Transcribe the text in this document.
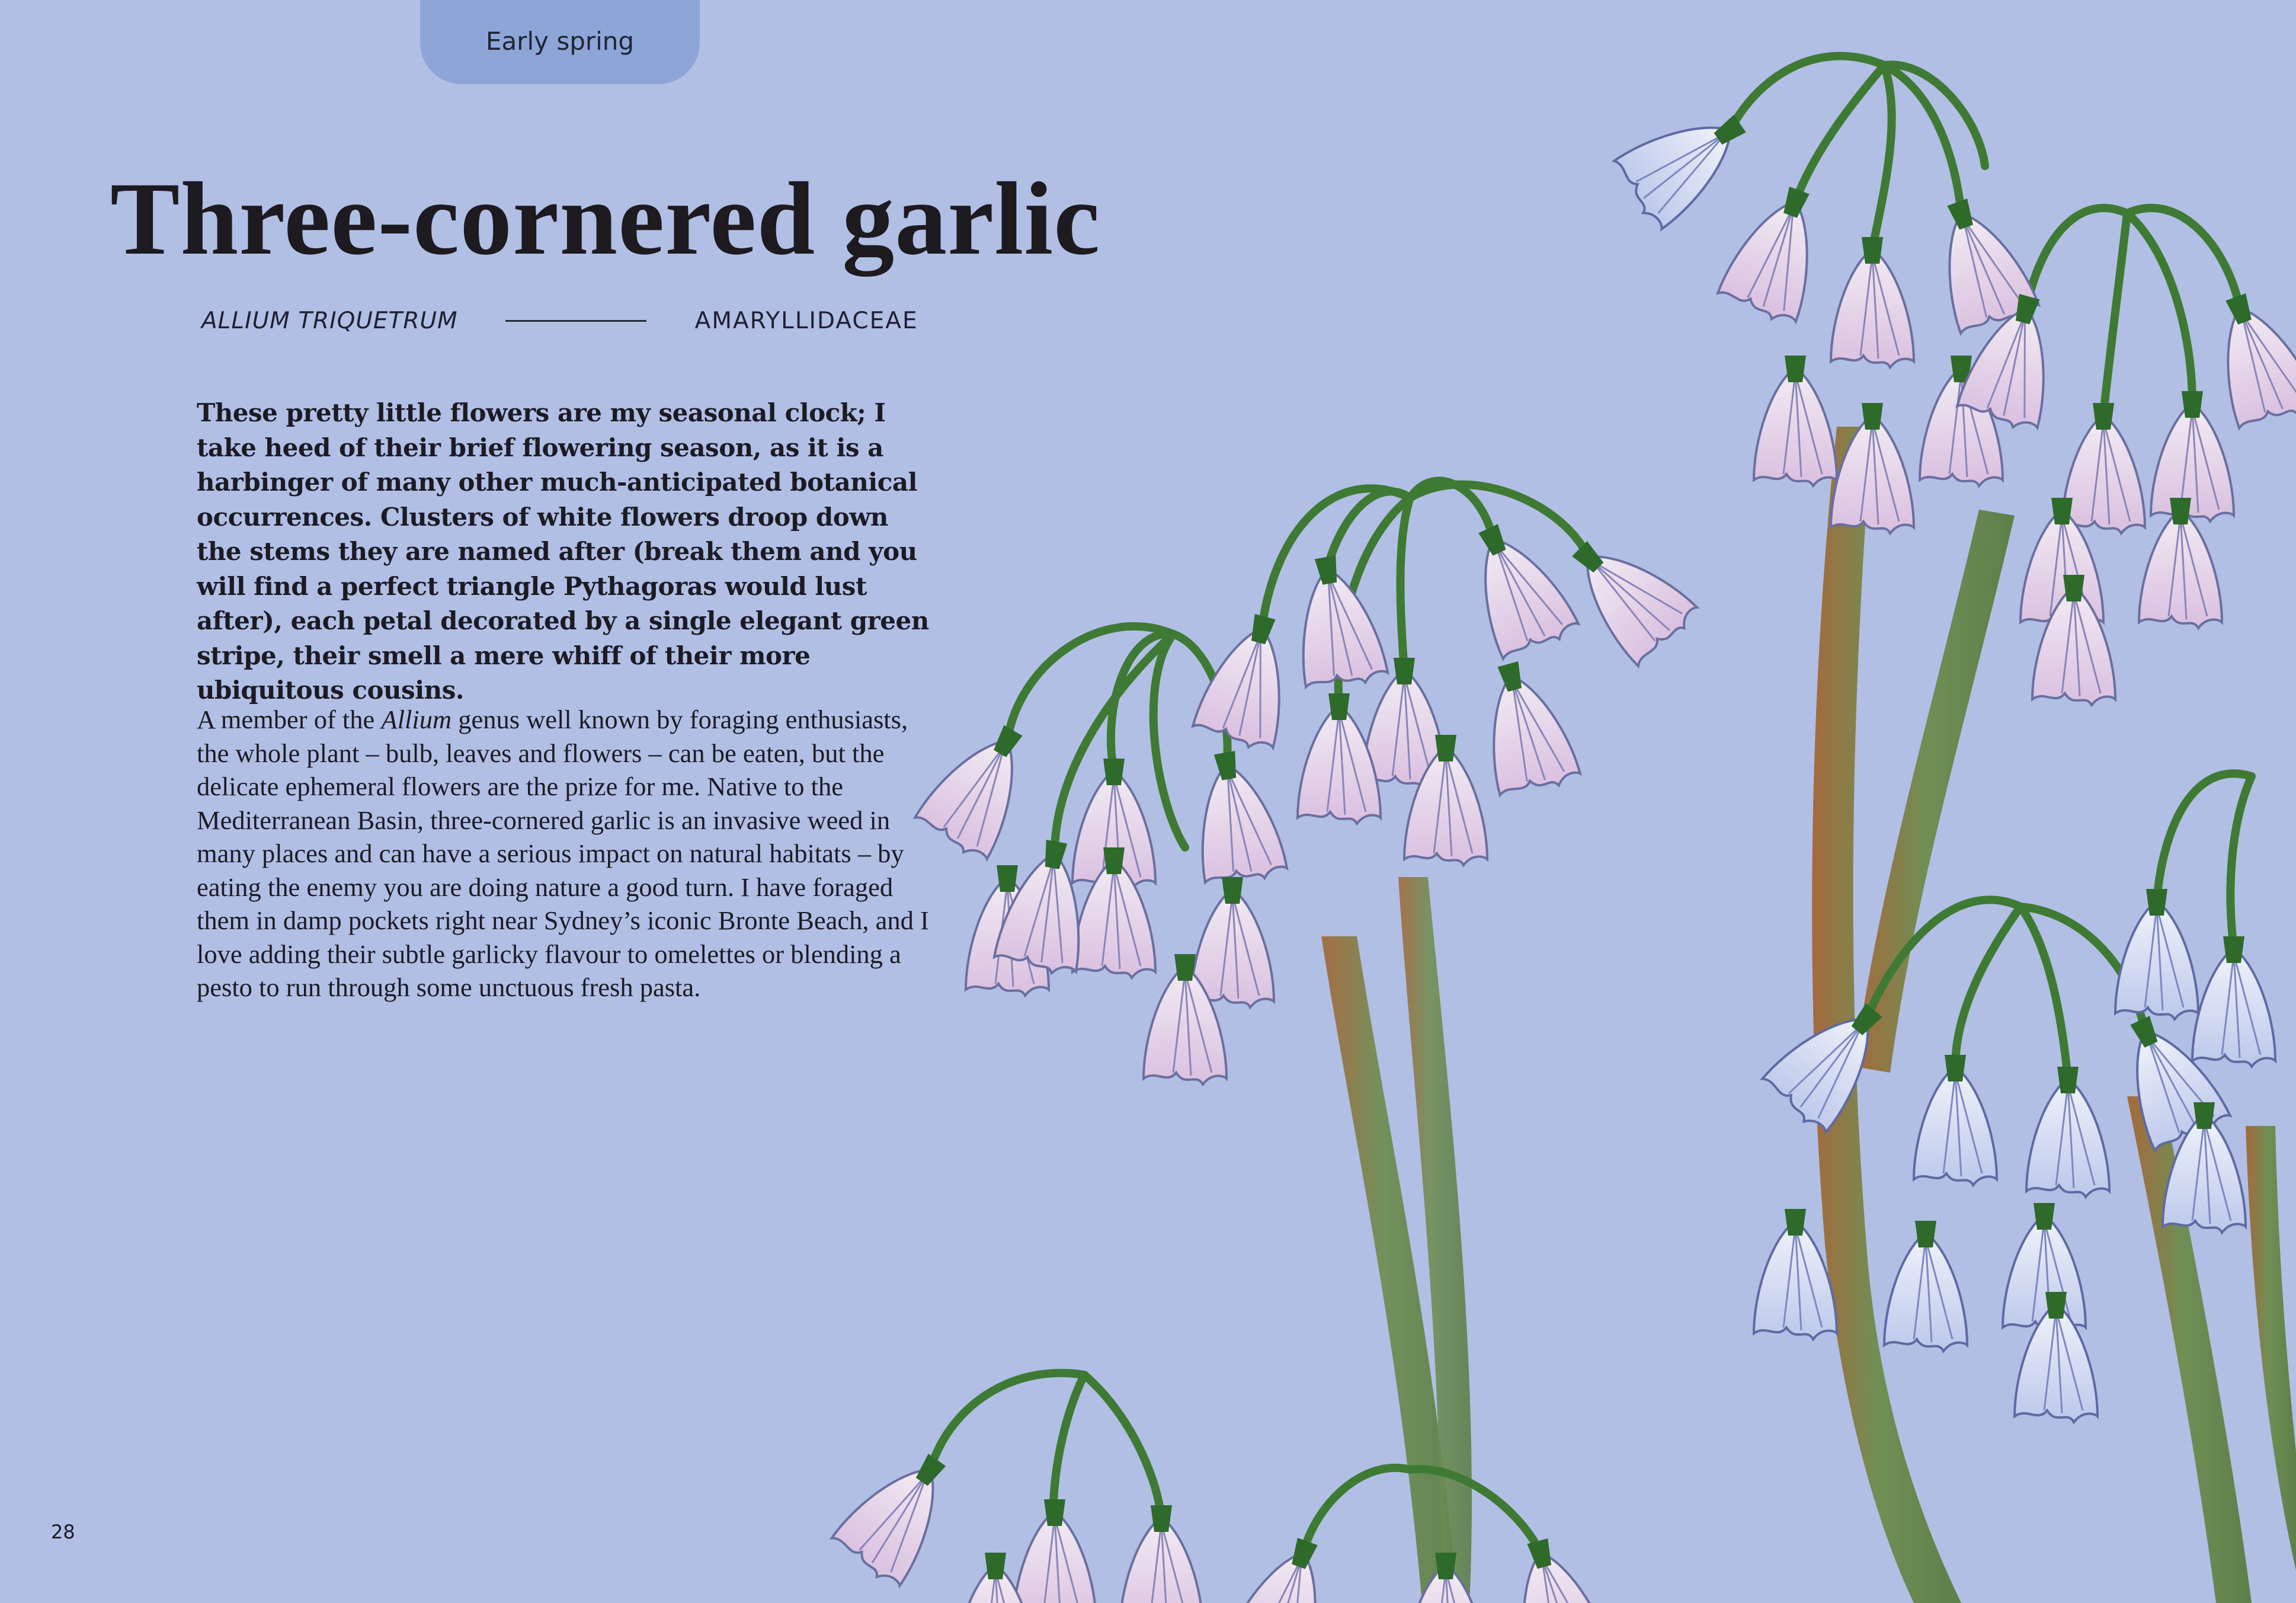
Early spring
Three-cornered garlic
ALLIUM TRIQUETRUM	AMARYLLIDACEAE

These pretty little flowers are my seasonal clock; I take heed of their brief flowering season, as it is a harbinger of many other much-anticipated botanical occurrences. Clusters of white flowers droop down the stems they are named after (break them and you will find a perfect triangle Pythagoras would lust after), each petal decorated by a single elegant green stripe, their smell a mere whiff of their more ubiquitous cousins.

A member of the Allium genus well known by foraging enthusiasts, the whole plant – bulb, leaves and flowers – can be eaten, but the delicate ephemeral flowers are the prize for me. Native to the Mediterranean Basin, three-cornered garlic is an invasive weed in many places and can have a serious impact on natural habitats – by eating the enemy you are doing nature a good turn. I have foraged them in damp pockets right near Sydney’s iconic Bronte Beach, and I love adding their subtle garlicky flavour to omelettes or blending a pesto to run through some unctuous fresh pasta.

28
